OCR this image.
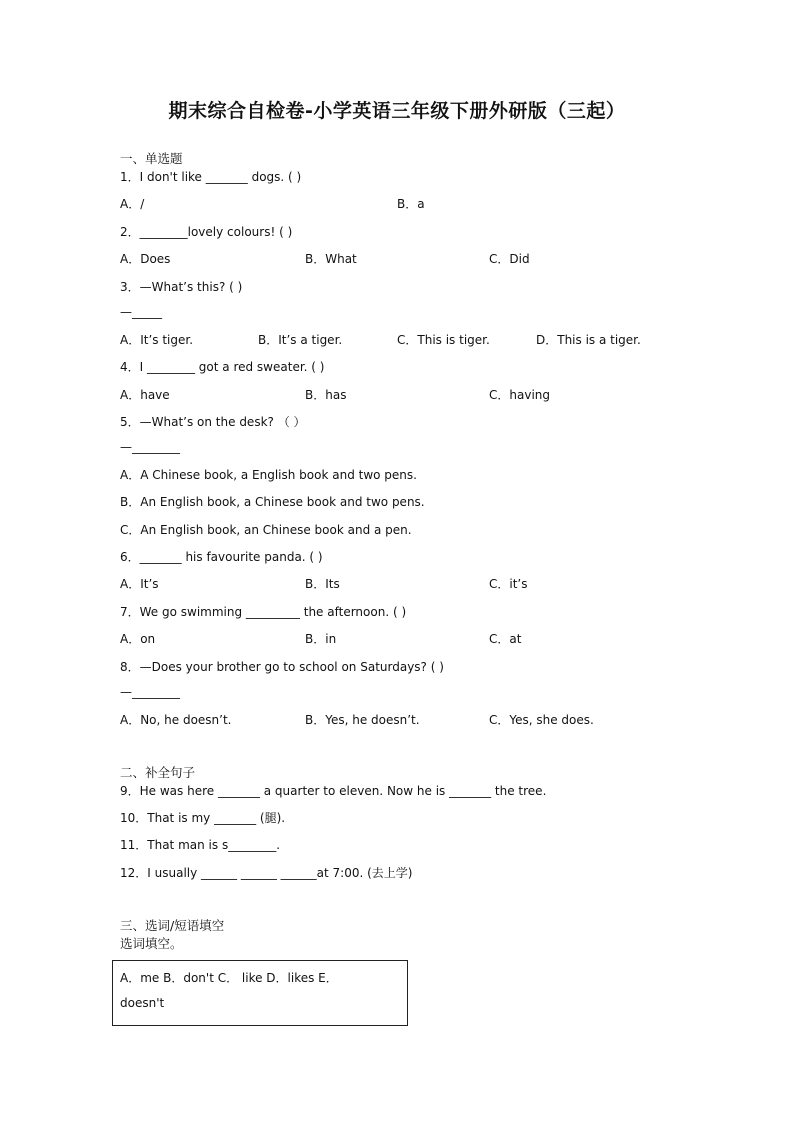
期末综合自检卷-小学英语三年级下册外研版（三起）
一、单选题
1．I don't like _______ dogs. ( )
A．/	B．a
2．________lovely colours! ( )
A．Does	B．What	C．Did
3．—What’s this? ( )
—_____
A．It’s tiger.	B．It’s a tiger.	C．This is tiger.	D．This is a tiger.
4．I ________ got a red sweater. ( )
A．have	B．has	C．having
5．—What’s on the desk? （ ）
—________
A．A Chinese book, a English book and two pens.
B．An English book, a Chinese book and two pens.
C．An English book, an Chinese book and a pen.
6．_______ his favourite panda. ( )
A．It’s	B．Its	C．it’s
7．We go swimming _________ the afternoon. ( )
A．on	B．in	C．at
8．—Does your brother go to school on Saturdays? ( )
—________
A．No, he doesn’t.	B．Yes, he doesn’t.	C．Yes, she does.
二、补全句子
9．He was here _______ a quarter to eleven. Now he is _______ the tree.
10．That is my _______ (腿).
11．That man is s________.
12．I usually ______ ______ ______at 7:00. (去上学)
三、选词/短语填空
选词填空。
A．me B．don't C． like D．likes E．
doesn't
